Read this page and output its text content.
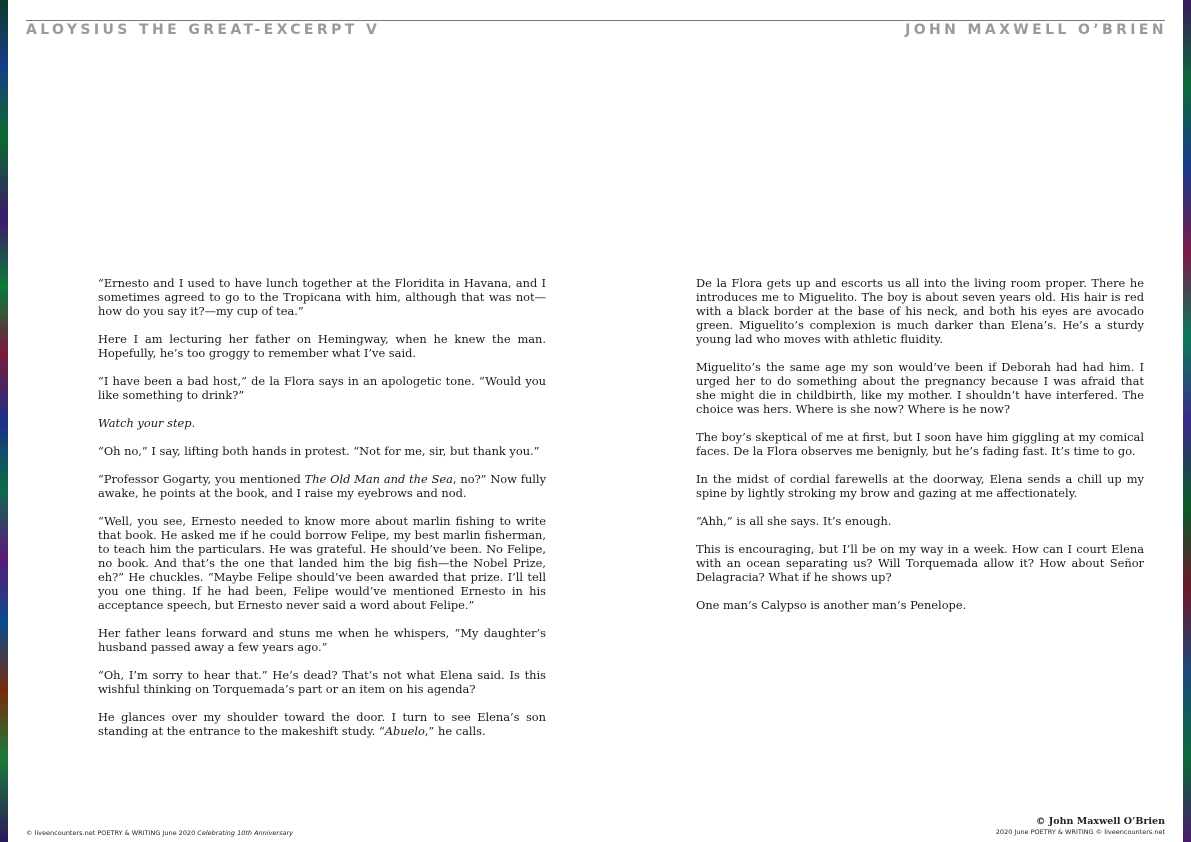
ALOYSIUS THE GREAT-EXCERPT V	JOHN MAXWELL O’BRIEN

“Ernesto and I used to have lunch together at the Floridita in Havana, and I sometimes agreed to go to the Tropicana with him, although that was not—how do you say it?—my cup of tea.”

Here I am lecturing her father on Hemingway, when he knew the man. Hopefully, he’s too groggy to remember what I’ve said.

“I have been a bad host,” de la Flora says in an apologetic tone. “Would you like something to drink?”

Watch your step.

“Oh no,” I say, lifting both hands in protest. “Not for me, sir, but thank you.”

“Professor Gogarty, you mentioned The Old Man and the Sea, no?” Now fully awake, he points at the book, and I raise my eyebrows and nod.

“Well, you see, Ernesto needed to know more about marlin fishing to write that book. He asked me if he could borrow Felipe, my best marlin fisherman, to teach him the particulars. He was grateful. He should’ve been. No Felipe, no book. And that’s the one that landed him the big fish—the Nobel Prize, eh?” He chuckles. “Maybe Felipe should’ve been awarded that prize. I’ll tell you one thing. If he had been, Felipe would’ve mentioned Ernesto in his acceptance speech, but Ernesto never said a word about Felipe.”

Her father leans forward and stuns me when he whispers, “My daughter’s husband passed away a few years ago.”

“Oh, I’m sorry to hear that.” He’s dead? That’s not what Elena said. Is this wishful thinking on Torquemada’s part or an item on his agenda?

He glances over my shoulder toward the door. I turn to see Elena’s son standing at the entrance to the makeshift study. “Abuelo,” he calls.

De la Flora gets up and escorts us all into the living room proper. There he introduces me to Miguelito. The boy is about seven years old. His hair is red with a black border at the base of his neck, and both his eyes are avocado green. Miguelito’s complexion is much darker than Elena’s. He’s a sturdy young lad who moves with athletic fluidity.

Miguelito’s the same age my son would’ve been if Deborah had had him. I urged her to do something about the pregnancy because I was afraid that she might die in childbirth, like my mother. I shouldn’t have interfered. The choice was hers. Where is she now? Where is he now?

The boy’s skeptical of me at first, but I soon have him giggling at my comical faces. De la Flora observes me benignly, but he’s fading fast. It’s time to go.

In the midst of cordial farewells at the doorway, Elena sends a chill up my spine by lightly stroking my brow and gazing at me affectionately.

“Ahh,” is all she says. It’s enough.

This is encouraging, but I’ll be on my way in a week. How can I court Elena with an ocean separating us? Will Torquemada allow it? How about Señor Delagracia? What if he shows up?

One man’s Calypso is another man’s Penelope.

© liveencounters.net POETRY & WRITING June 2020 Celebrating 10th Anniversary
© John Maxwell O’Brien
2020 June POETRY & WRITING © liveencounters.net
